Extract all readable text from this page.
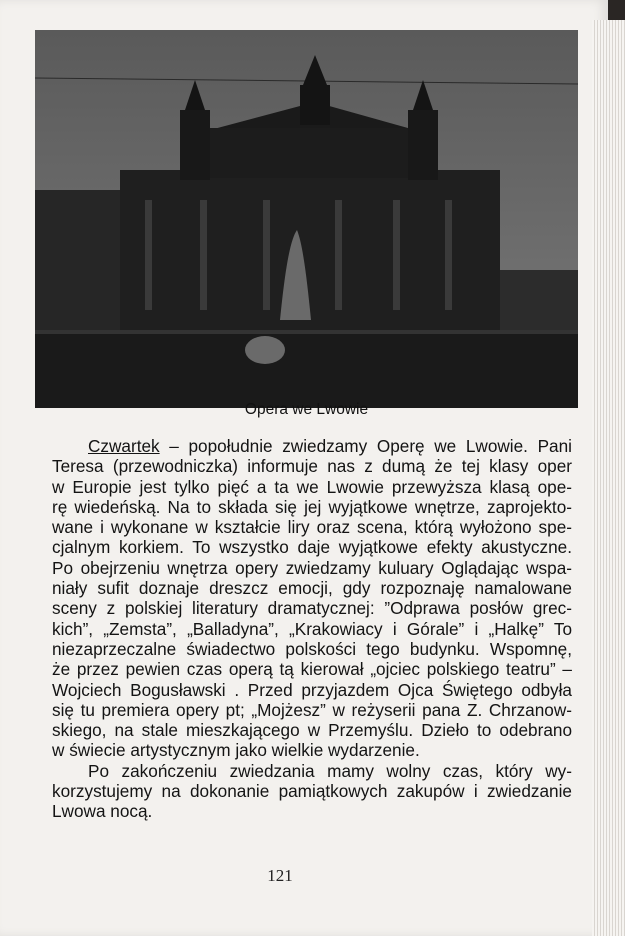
Opera we Lwowie
Czwartek – popołudnie zwiedzamy Operę we Lwowie. Pani
Teresa (przewodniczka) informuje nas z dumą że tej klasy oper
w Europie jest tylko pięć a ta we Lwowie przewyższa klasą ope-
rę wiedeńską. Na to składa się jej wyjątkowe wnętrze, zaprojekto-
wane i wykonane w kształcie liry oraz scena, którą wyłożono spe-
cjalnym korkiem. To wszystko daje wyjątkowe efekty akustyczne.
Po obejrzeniu wnętrza opery zwiedzamy kuluary Oglądając wspa-
niały sufit doznaje dreszcz emocji, gdy rozpoznaję namalowane
sceny z polskiej literatury dramatycznej: ”Odprawa posłów grec-
kich”, „Zemsta”, „Balladyna”, „Krakowiacy i Górale” i „Halkę” To
niezaprzeczalne świadectwo polskości tego budynku. Wspomnę,
że przez pewien czas operą tą kierował „ojciec polskiego teatru” –
Wojciech Bogusławski . Przed przyjazdem Ojca Świętego odbyła
się tu premiera opery pt; „Mojżesz” w reżyserii pana Z. Chrzanow-
skiego, na stale mieszkającego w Przemyślu. Dzieło to odebrano
w świecie artystycznym jako wielkie wydarzenie.
Po zakończeniu zwiedzania mamy wolny czas, który wy-
korzystujemy na dokonanie pamiątkowych zakupów i zwiedzanie
Lwowa nocą.
121
